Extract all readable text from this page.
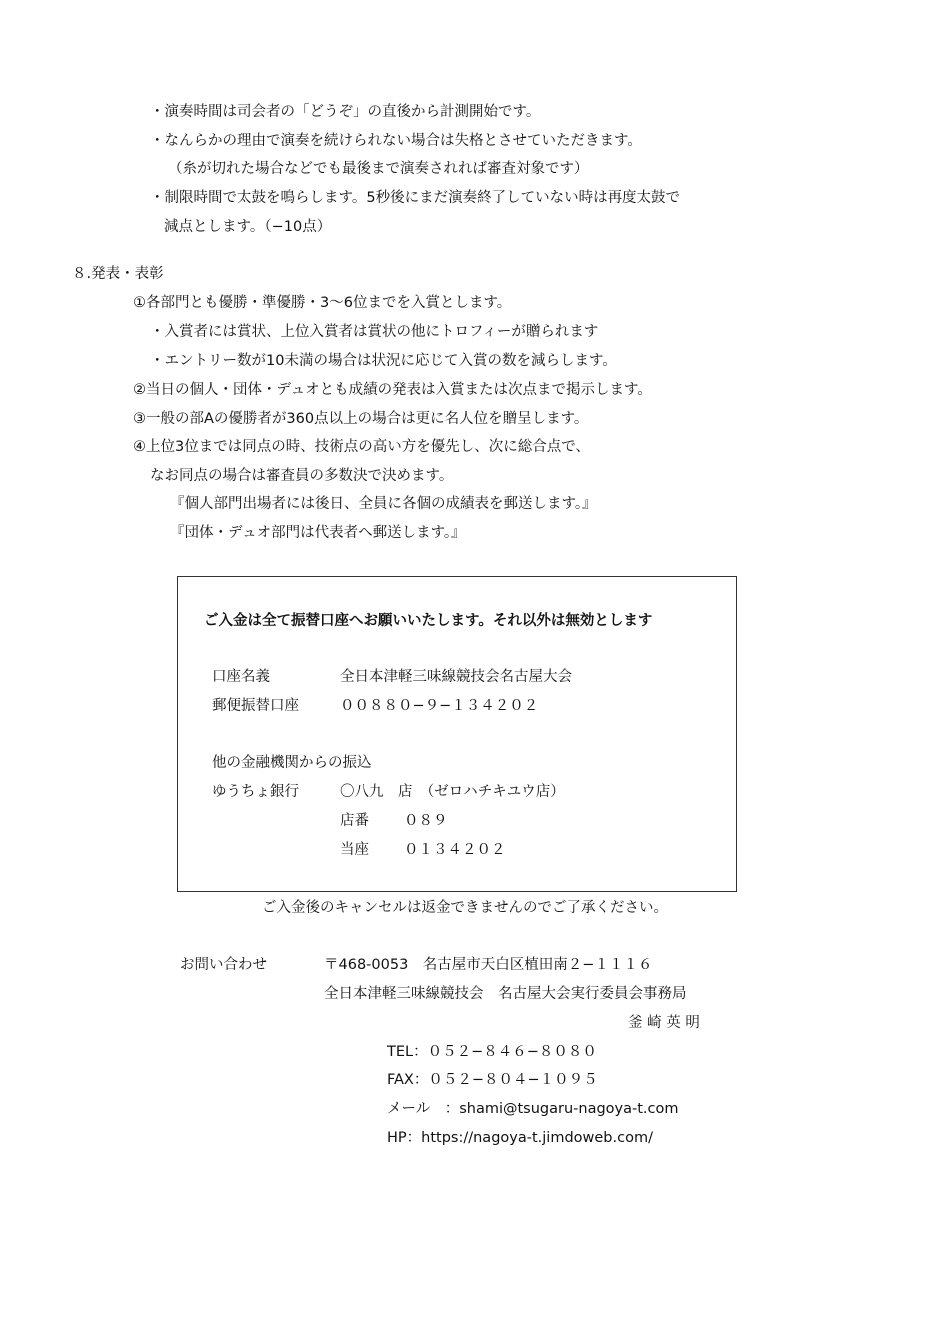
・演奏時間は司会者の「どうぞ」の直後から計測開始です。
・なんらかの理由で演奏を続けられない場合は失格とさせていただきます。
（糸が切れた場合などでも最後まで演奏されれば審査対象です）
・制限時間で太鼓を鳴らします。5秒後にまだ演奏終了していない時は再度太鼓で
減点とします。（−10点）
８.発表・表彰
①各部門とも優勝・準優勝・3〜6位までを入賞とします。
・入賞者には賞状、上位入賞者は賞状の他にトロフィーが贈られます
・エントリー数が10未満の場合は状況に応じて入賞の数を減らします。
②当日の個人・団体・デュオとも成績の発表は入賞または次点まで掲示します。
③一般の部Aの優勝者が360点以上の場合は更に名人位を贈呈します。
④上位3位までは同点の時、技術点の高い方を優先し、次に総合点で、
なお同点の場合は審査員の多数決で決めます。
『個人部門出場者には後日、全員に各個の成績表を郵送します。』
『団体・デュオ部門は代表者へ郵送します。』
ご入金は全て振替口座へお願いいたします。それ以外は無効とします
口座名義	全日本津軽三味線競技会名古屋大会
郵便振替口座	００８８０−９−１３４２０２
他の金融機関からの振込
ゆうちょ銀行	〇八九　店　（ゼロハチキユウ店）
店番 ０８９
当座 ０１３４２０２
ご入金後のキャンセルは返金できませんのでご了承ください。
お問い合わせ	〒468-0053　名古屋市天白区植田南２−１１１６
全日本津軽三味線競技会　名古屋大会実行委員会事務局
釜 崎 英 明
TEL：０５２−８４６−８０８０
FAX：０５２−８０４−１０９５
メール　：shami@tsugaru-nagoya-t.com
HP：https://nagoya-t.jimdoweb.com/
